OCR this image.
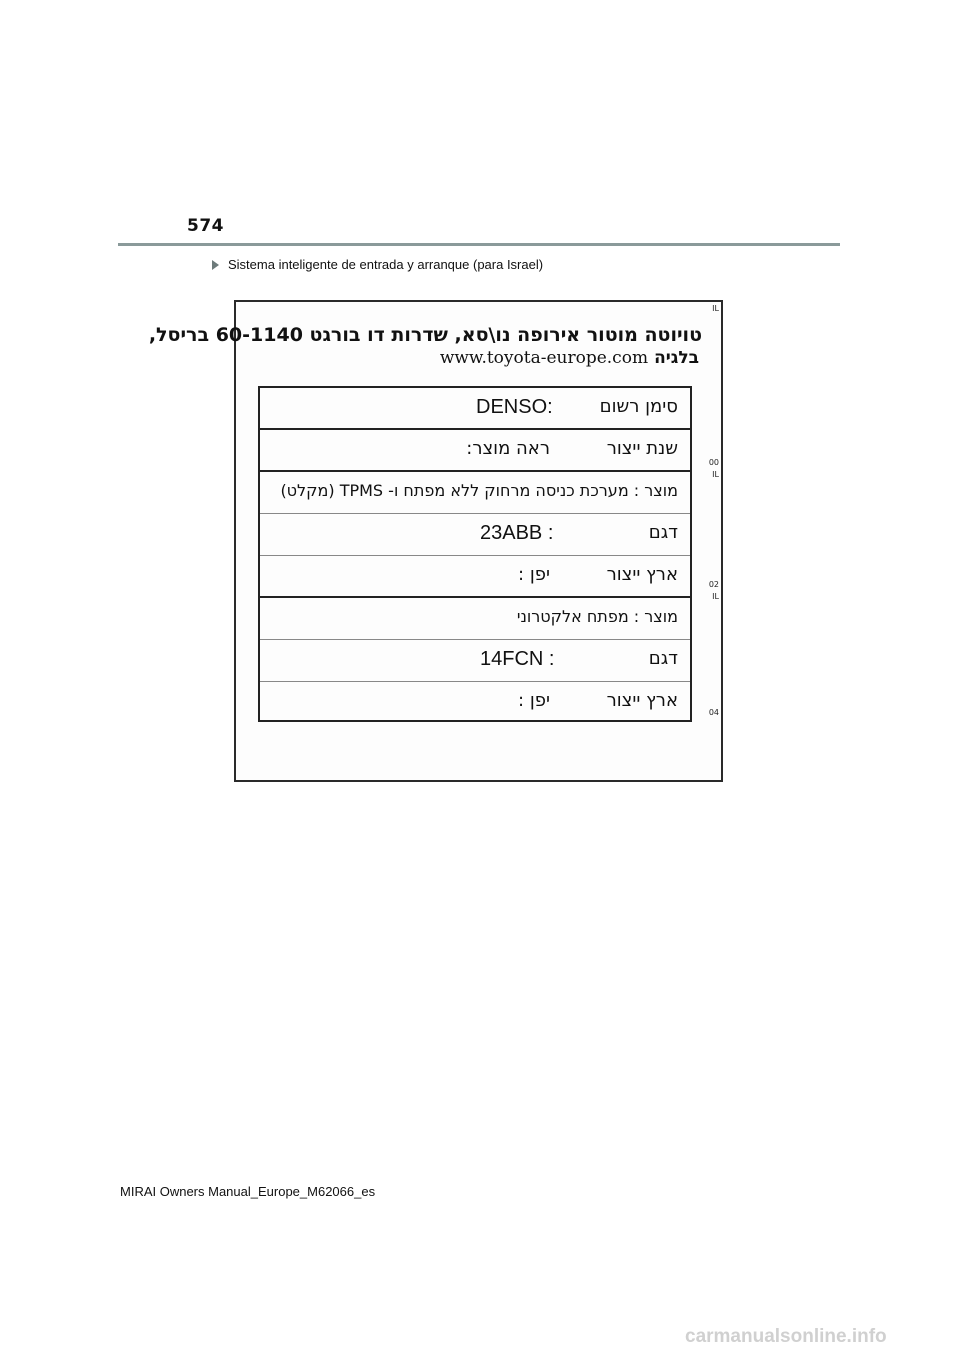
574
Sistema inteligente de entrada y arranque (para Israel)
טויוטה מוטור אירופה נו\סא, שדרות דו בורגט 60-1140 בריסל,
בלגיה
www.toyota-europe.com
IL
00
IL
02
IL
04
סימן רשום
DENSO:
שנת ייצור
ראה מוצר:
מוצר : מערכת כניסה מרחוק ללא מפתח ו- TPMS (מקלט)
דגם
23ABB :
ארץ ייצור
יפן :
מוצר : מפתח אלקטרוני
דגם
14FCN :
ארץ ייצור
יפן :
MIRAI Owners Manual_Europe_M62066_es
carmanualsonline.info
